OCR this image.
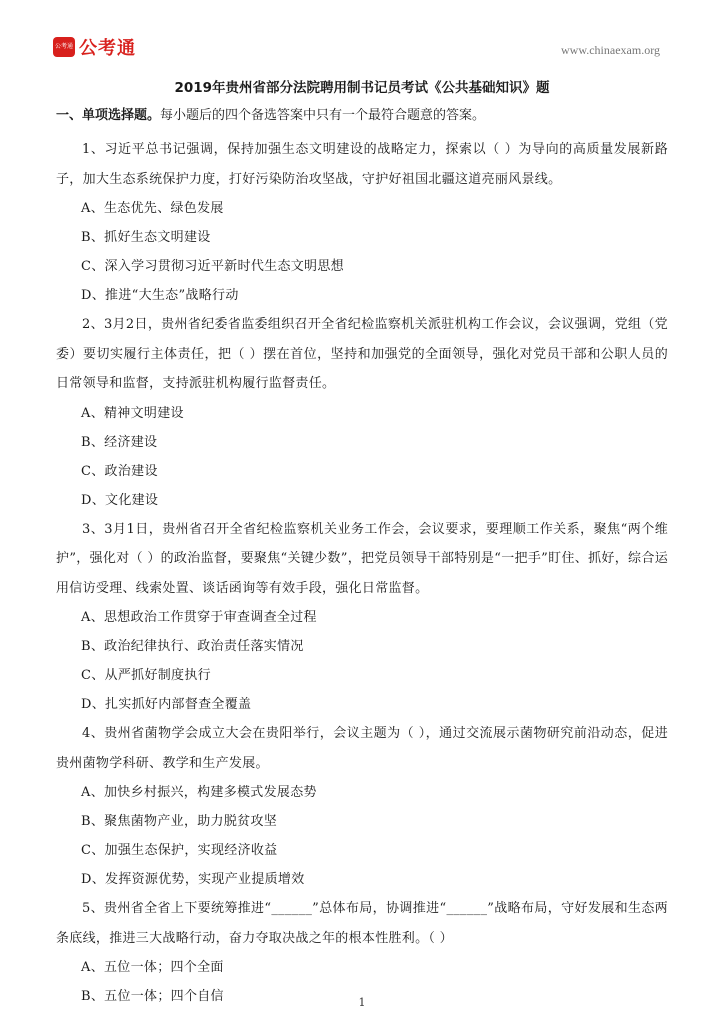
公考通 公考通	www.chinaexam.org
2019年贵州省部分法院聘用制书记员考试《公共基础知识》题
一、单项选择题。每小题后的四个备选答案中只有一个最符合题意的答案。

1、习近平总书记强调，保持加强生态文明建设的战略定力，探索以（ ）为导向的高质量发展新路子，加大生态系统保护力度，打好污染防治攻坚战，守护好祖国北疆这道亮丽风景线。

A、生态优先、绿色发展

B、抓好生态文明建设

C、深入学习贯彻习近平新时代生态文明思想

D、推进“大生态”战略行动

2、3月2日，贵州省纪委省监委组织召开全省纪检监察机关派驻机构工作会议，会议强调，党组（党委）要切实履行主体责任，把（ ）摆在首位，坚持和加强党的全面领导，强化对党员干部和公职人员的日常领导和监督，支持派驻机构履行监督责任。

A、精神文明建设

B、经济建设

C、政治建设

D、文化建设

3、3月1日，贵州省召开全省纪检监察机关业务工作会，会议要求，要理顺工作关系，聚焦“两个维护”，强化对（ ）的政治监督，要聚焦“关键少数”，把党员领导干部特别是“一把手”盯住、抓好，综合运用信访受理、线索处置、谈话函询等有效手段，强化日常监督。

A、思想政治工作贯穿于审查调查全过程

B、政治纪律执行、政治责任落实情况

C、从严抓好制度执行

D、扎实抓好内部督查全覆盖

4、贵州省菌物学会成立大会在贵阳举行，会议主题为（ ），通过交流展示菌物研究前沿动态，促进贵州菌物学科研、教学和生产发展。

A、加快乡村振兴，构建多模式发展态势

B、聚焦菌物产业，助力脱贫攻坚

C、加强生态保护，实现经济收益

D、发挥资源优势，实现产业提质增效

5、贵州省全省上下要统筹推进“______”总体布局，协调推进“______”战略布局，守好发展和生态两条底线，推进三大战略行动，奋力夺取决战之年的根本性胜利。（ ）

A、五位一体；四个全面

B、五位一体；四个自信	1
